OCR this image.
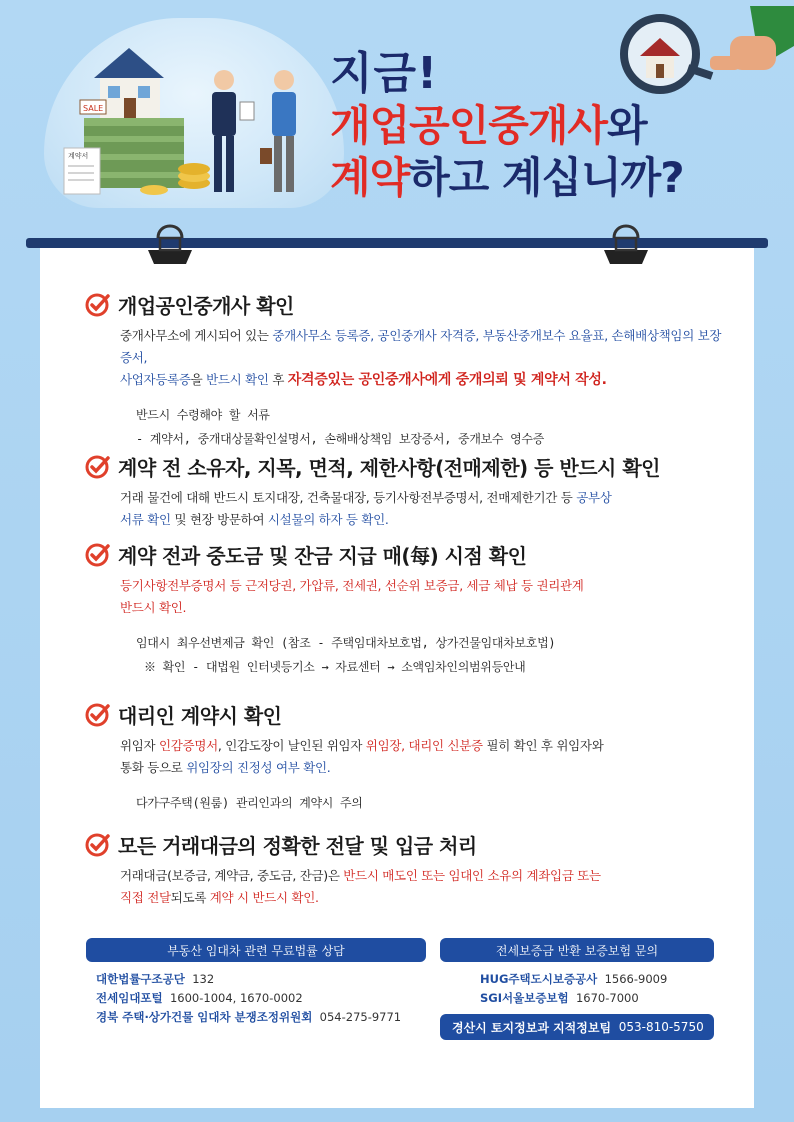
SALE
계약서
지금!
개업공인중개사와
계약하고 계십니까?
개업공인중개사 확인
중개사무소에 게시되어 있는 중개사무소 등록증, 공인중개사 자격증, 부동산중개보수 요율표, 손해배상책임의 보장증서,
사업자등록증을 반드시 확인 후 자격증있는 공인중개사에게 중개의뢰 및 계약서 작성.
반드시 수령해야 할 서류
- 계약서, 중개대상물확인설명서, 손해배상책임 보장증서, 중개보수 영수증
계약 전 소유자, 지목, 면적, 제한사항(전매제한) 등 반드시 확인
거래 물건에 대해 반드시 토지대장, 건축물대장, 등기사항전부증명서, 전매제한기간 등 공부상
서류 확인 및 현장 방문하여 시설물의 하자 등 확인.
계약 전과 중도금 및 잔금 지급 매(每) 시점 확인
등기사항전부증명서 등 근저당권, 가압류, 전세권, 선순위 보증금, 세금 체납 등 권리관계
반드시 확인.
임대시 최우선변제금 확인 (참조 - 주택임대차보호법, 상가건물임대차보호법)
※ 확인 - 대법원 인터넷등기소 → 자료센터 → 소액임차인의범위등안내
대리인 계약시 확인
위임자 인감증명서, 인감도장이 날인된 위임자 위임장, 대리인 신분증 필히 확인 후 위임자와
통화 등으로 위임장의 진정성 여부 확인.
다가구주택(원룸) 관리인과의 계약시 주의
모든 거래대금의 정확한 전달 및 입금 처리
거래대금(보증금, 계약금, 중도금, 잔금)은 반드시 매도인 또는 임대인 소유의 계좌입금 또는
직접 전달되도록 계약 시 반드시 확인.
부동산 임대차 관련 무료법률 상담
대한법률구조공단 132
전세임대포털 1600-1004, 1670-0002
경북 주택·상가건물 임대차 분쟁조정위원회 054-275-9771
전세보증금 반환 보증보험 문의
HUG주택도시보증공사 1566-9009
SGI서울보증보험 1670-7000
경산시 토지정보과 지적정보팀
053-810-5750
